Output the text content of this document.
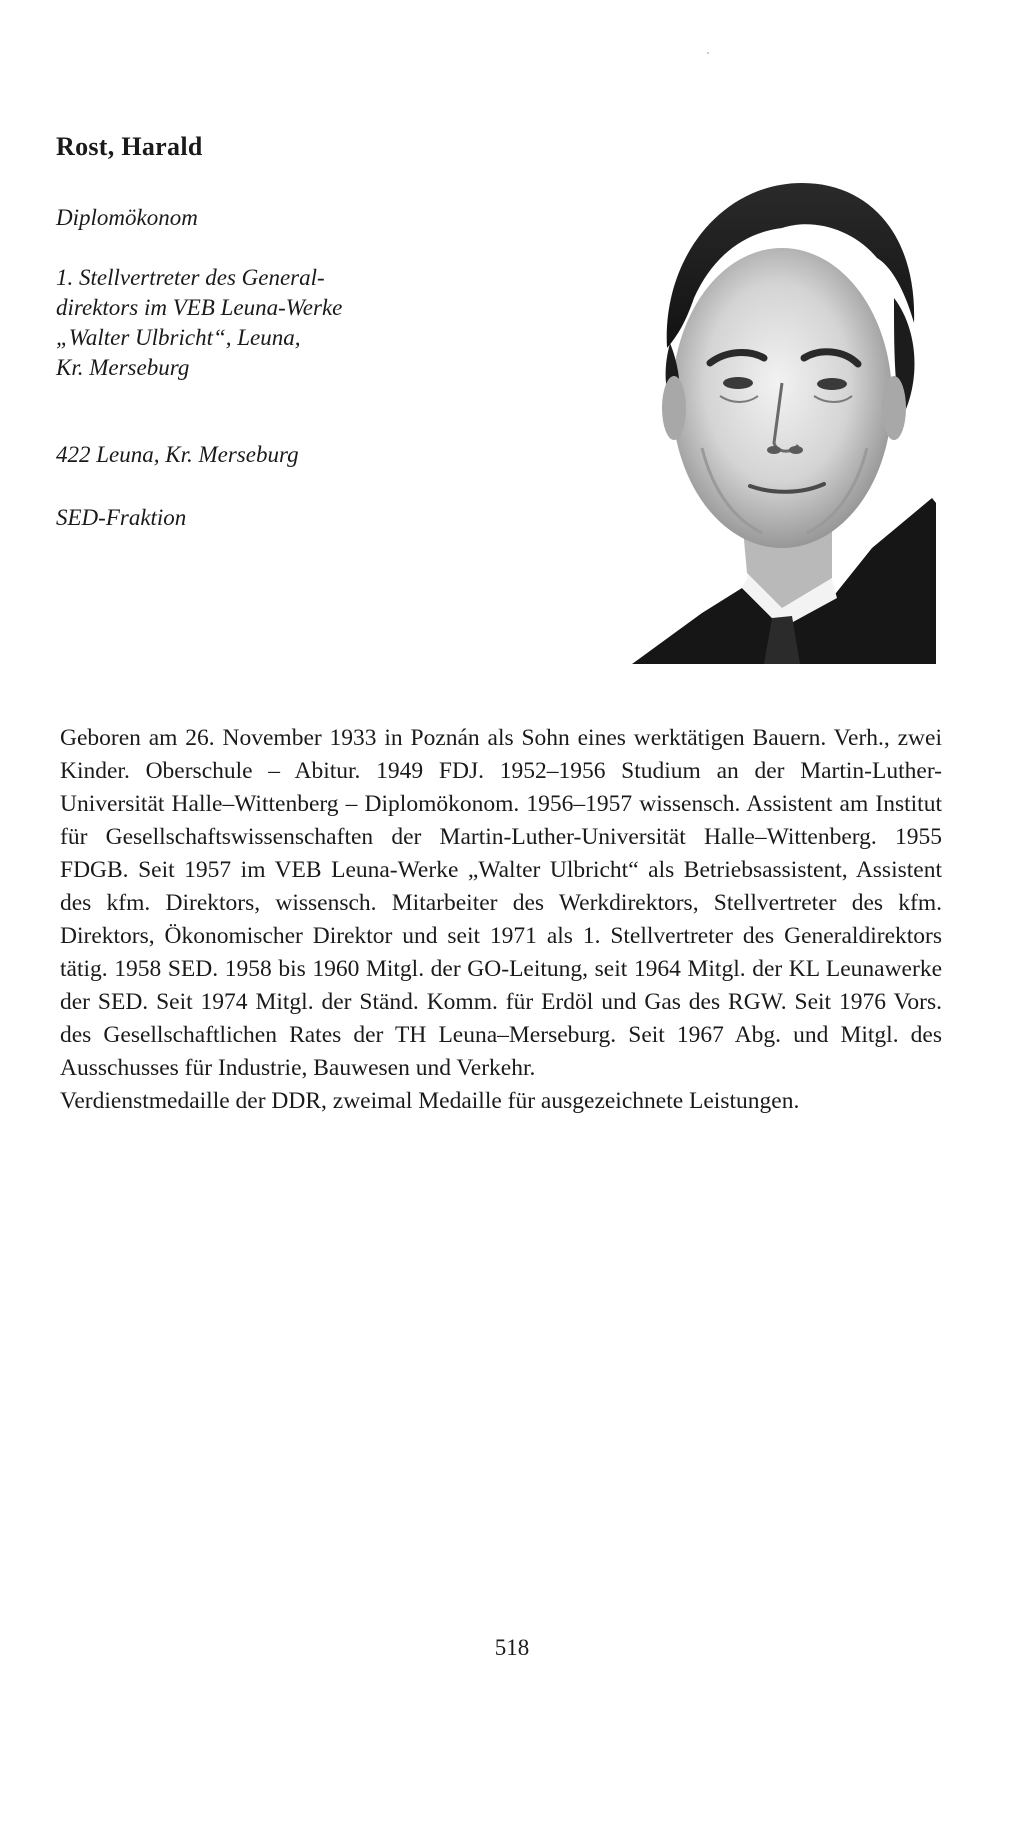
Rost, Harald
Diplomökonom
1. Stellvertreter des General-
direktors im VEB Leuna-Werke
„Walter Ulbricht“, Leuna,
Kr. Merseburg
422 Leuna, Kr. Merseburg
SED-Fraktion

Geboren am 26. November 1933 in Poznán als Sohn eines werktätigen Bauern. Verh., zwei Kinder. Oberschule – Abitur. 1949 FDJ. 1952–1956 Studium an der Martin-Luther-Universität Halle–Wittenberg – Diplomökonom. 1956–1957 wissensch. Assistent am Institut für Gesellschaftswissenschaften der Martin-Luther-Universität Halle–Wittenberg. 1955 FDGB. Seit 1957 im VEB Leuna-Werke „Walter Ulbricht“ als Betriebsassistent, Assistent des kfm. Direktors, wissensch. Mitarbeiter des Werkdirektors, Stellvertreter des kfm. Direktors, Ökonomischer Direktor und seit 1971 als 1. Stellvertreter des Generaldirektors tätig. 1958 SED. 1958 bis 1960 Mitgl. der GO-Leitung, seit 1964 Mitgl. der KL Leunawerke der SED. Seit 1974 Mitgl. der Ständ. Komm. für Erdöl und Gas des RGW. Seit 1976 Vors. des Gesellschaftlichen Rates der TH Leuna–Merseburg. Seit 1967 Abg. und Mitgl. des Ausschusses für Industrie, Bauwesen und Verkehr.

Verdienstmedaille der DDR, zweimal Medaille für ausgezeichnete Leistungen.

518
